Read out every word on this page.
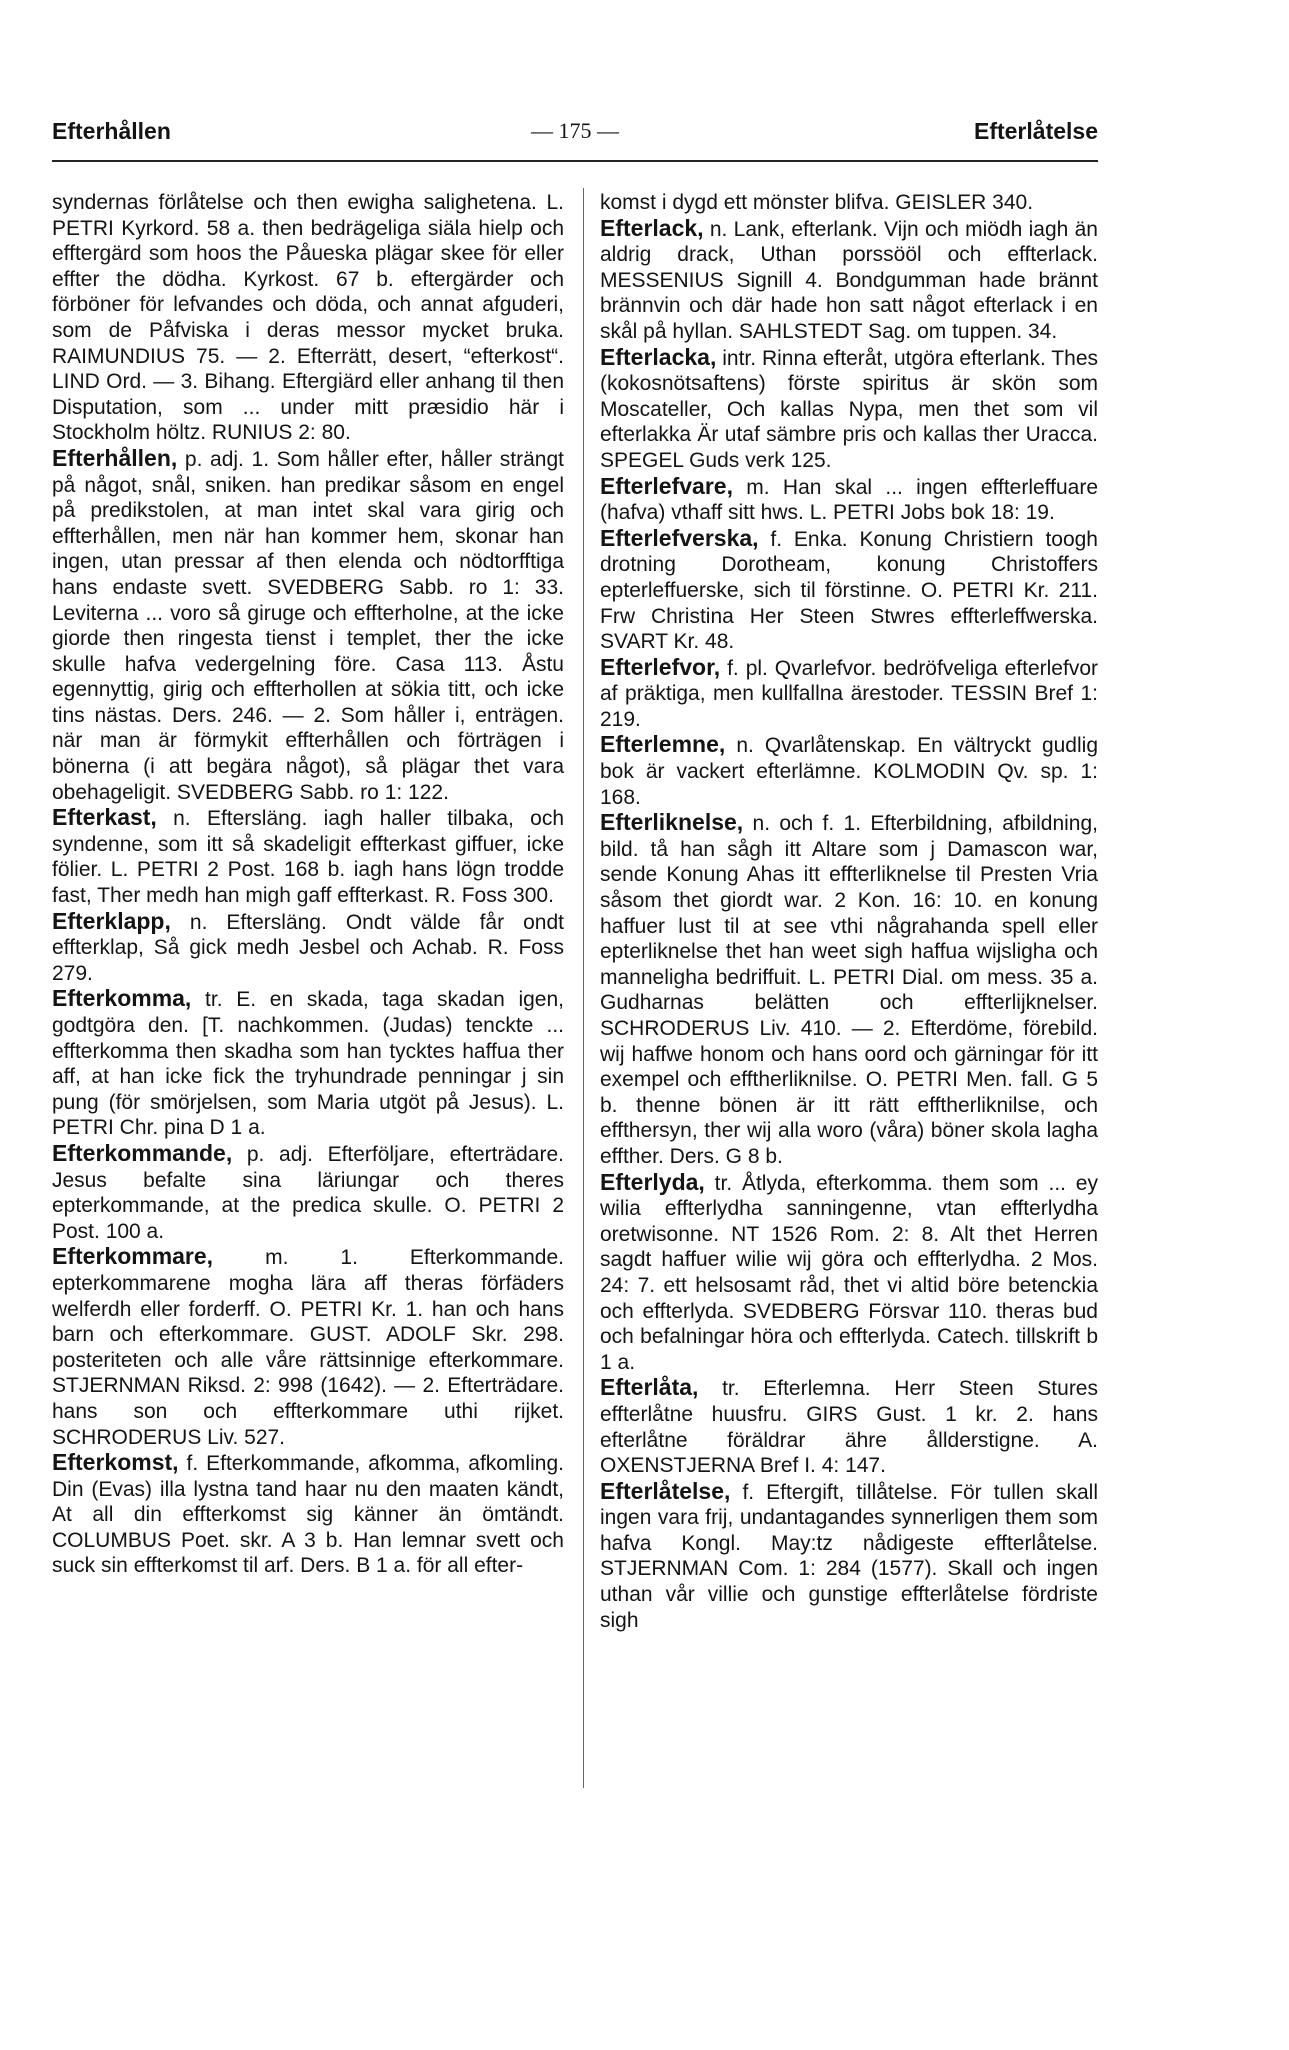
Efterhållen	— 175 —	Efterlåtelse

syndernas förlåtelse och then ewigha salighetena. L. PETRI Kyrkord. 58 a. then bedrägeliga siäla hielp och efftergärd som hoos the Påueska plägar skee för eller effter the dödha. Kyrkost. 67 b. eftergärder och förböner för lefvandes och döda, och annat afguderi, som de Påfviska i deras messor mycket bruka. RAIMUNDIUS 75. — 2. Efterrätt, desert, “efterkost“. LIND Ord. — 3. Bihang. Eftergiärd eller anhang til then Disputation, som ... under mitt præsidio här i Stockholm höltz. RUNIUS 2: 80.

Efterhållen, p. adj. 1. Som håller efter, håller strängt på något, snål, sniken. han predikar såsom en engel på predikstolen, at man intet skal vara girig och effterhållen, men när han kommer hem, skonar han ingen, utan pressar af then elenda och nödtorfftiga hans endaste svett. SVEDBERG Sabb. ro 1: 33. Leviterna ... voro så giruge och effterholne, at the icke giorde then ringesta tienst i templet, ther the icke skulle hafva vedergelning före. Casa 113. Åstu egennyttig, girig och effterhollen at sökia titt, och icke tins nästas. Ders. 246. — 2. Som håller i, enträgen. när man är förmykit effterhållen och förträgen i bönerna (i att begära något), så plägar thet vara obehageligit. SVEDBERG Sabb. ro 1: 122.

Efterkast, n. Eftersläng. iagh haller tilbaka, och syndenne, som itt så skadeligit effterkast giffuer, icke fölier. L. PETRI 2 Post. 168 b. iagh hans lögn trodde fast, Ther medh han migh gaff effterkast. R. Foss 300.

Efterklapp, n. Eftersläng. Ondt välde får ondt effterklap, Så gick medh Jesbel och Achab. R. Foss 279.

Efterkomma, tr. E. en skada, taga skadan igen, godtgöra den. [T. nachkommen. (Judas) tenckte ... effterkomma then skadha som han tycktes haffua ther aff, at han icke fick the tryhundrade penningar j sin pung (för smörjelsen, som Maria utgöt på Jesus). L. PETRI Chr. pina D 1 a.

Efterkommande, p. adj. Efterföljare, efterträdare. Jesus befalte sina läriungar och theres epterkommande, at the predica skulle. O. PETRI 2 Post. 100 a.

Efterkommare, m. 1. Efterkommande. epterkommarene mogha lära aff theras förfäders welferdh eller forderff. O. PETRI Kr. 1. han och hans barn och efterkommare. GUST. ADOLF Skr. 298. posteriteten och alle våre rättsinnige efterkommare. STJERNMAN Riksd. 2: 998 (1642). — 2. Efterträdare. hans son och effterkommare uthi rijket. SCHRODERUS Liv. 527.

Efterkomst, f. Efterkommande, afkomma, afkomling. Din (Evas) illa lystna tand haar nu den maaten kändt, At all din effterkomst sig känner än ömtändt. COLUMBUS Poet. skr. A 3 b. Han lemnar svett och suck sin effterkomst til arf. Ders. B 1 a. för all efter-

komst i dygd ett mönster blifva. GEISLER 340.

Efterlack, n. Lank, efterlank. Vijn och miödh iagh än aldrig drack, Uthan porssööl och effterlack. MESSENIUS Signill 4. Bondgumman hade brännt brännvin och där hade hon satt något efterlack i en skål på hyllan. SAHLSTEDT Sag. om tuppen. 34.

Efterlacka, intr. Rinna efteråt, utgöra efterlank. Thes (kokosnötsaftens) förste spiritus är skön som Moscateller, Och kallas Nypa, men thet som vil efterlakka Är utaf sämbre pris och kallas ther Uracca. SPEGEL Guds verk 125.

Efterlefvare, m. Han skal ... ingen effterleffuare (hafva) vthaff sitt hws. L. PETRI Jobs bok 18: 19.

Efterlefverska, f. Enka. Konung Christiern toogh drotning Dorotheam, konung Christoffers epterleffuerske, sich til förstinne. O. PETRI Kr. 211. Frw Christina Her Steen Stwres effterleffwerska. SVART Kr. 48.

Efterlefvor, f. pl. Qvarlefvor. bedröfveliga efterlefvor af präktiga, men kullfallna ärestoder. TESSIN Bref 1: 219.

Efterlemne, n. Qvarlåtenskap. En vältryckt gudlig bok är vackert efterlämne. KOLMODIN Qv. sp. 1: 168.

Efterliknelse, n. och f. 1. Efterbildning, afbildning, bild. tå han sågh itt Altare som j Damascon war, sende Konung Ahas itt effterliknelse til Presten Vria såsom thet giordt war. 2 Kon. 16: 10. en konung haffuer lust til at see vthi någrahanda spell eller epterliknelse thet han weet sigh haffua wijsligha och manneligha bedriffuit. L. PETRI Dial. om mess. 35 a. Gudharnas belätten och effterlijknelser. SCHRODERUS Liv. 410. — 2. Efterdöme, förebild. wij haffwe honom och hans oord och gärningar för itt exempel och efftherliknilse. O. PETRI Men. fall. G 5 b. thenne bönen är itt rätt efftherliknilse, och effthersyn, ther wij alla woro (våra) böner skola lagha effther. Ders. G 8 b.

Efterlyda, tr. Åtlyda, efterkomma. them som ... ey wilia effterlydha sanningenne, vtan effterlydha oretwisonne. NT 1526 Rom. 2: 8. Alt thet Herren sagdt haffuer wilie wij göra och effterlydha. 2 Mos. 24: 7. ett helsosamt råd, thet vi altid böre betenckia och effterlyda. SVEDBERG Försvar 110. theras bud och befalningar höra och effterlyda. Catech. tillskrift b 1 a.

Efterlåta, tr. Efterlemna. Herr Steen Stures effterlåtne huusfru. GIRS Gust. 1 kr. 2. hans efterlåtne föräldrar ähre ållderstigne. A. OXENSTJERNA Bref I. 4: 147.

Efterlåtelse, f. Eftergift, tillåtelse. För tullen skall ingen vara frij, undantagandes synnerligen them som hafva Kongl. May:tz nådigeste effterlåtelse. STJERNMAN Com. 1: 284 (1577). Skall och ingen uthan vår villie och gunstige effterlåtelse fördriste sigh
